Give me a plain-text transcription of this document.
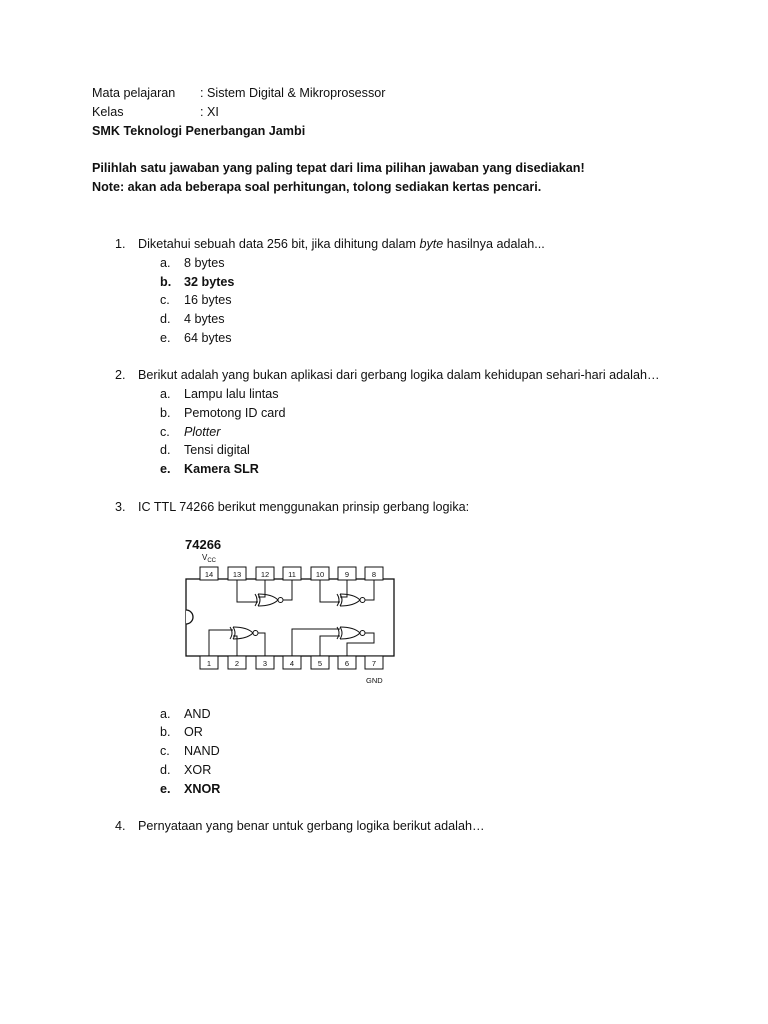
Mata pelajaran : Sistem Digital & Mikroprosessor
Kelas	: XI
SMK Teknologi Penerbangan Jambi
Pilihlah satu jawaban yang paling tepat dari lima pilihan jawaban yang disediakan!
Note: akan ada beberapa soal perhitungan, tolong sediakan kertas pencari.
1. Diketahui sebuah data 256 bit, jika dihitung dalam byte hasilnya adalah...
a. 8 bytes
b. 32 bytes
c. 16 bytes
d. 4 bytes
e. 64 bytes
2. Berikut adalah yang bukan aplikasi dari gerbang logika dalam kehidupan sehari-hari adalah…
a. Lampu lalu lintas
b. Pemotong ID card
c. Plotter
d. Tensi digital
e. Kamera SLR
3. IC TTL 74266 berikut menggunakan prinsip gerbang logika:
74266
$V_{CC}$
14	13	12	11	10	9	8
1	2	3	4	5	6	7
GND
a. AND
b. OR
c. NAND
d. XOR
e. XNOR
4. Pernyataan yang benar untuk gerbang logika berikut adalah…
